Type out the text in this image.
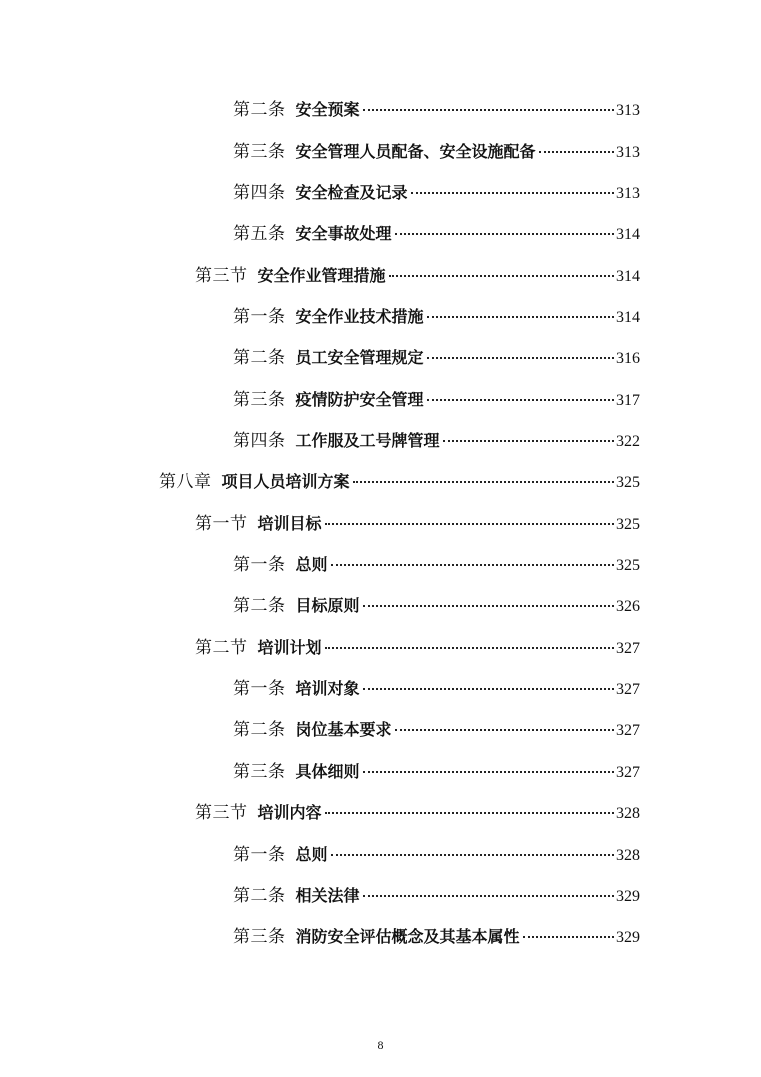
第二条 安全预案	313
第三条 安全管理人员配备、安全设施配备	313
第四条 安全检查及记录	313
第五条 安全事故处理	314
第三节 安全作业管理措施	314
第一条 安全作业技术措施	314
第二条 员工安全管理规定	316
第三条 疫情防护安全管理	317
第四条 工作服及工号牌管理	322
第八章 项目人员培训方案	325
第一节 培训目标	325
第一条 总则	325
第二条 目标原则	326
第二节 培训计划	327
第一条 培训对象	327
第二条 岗位基本要求	327
第三条 具体细则	327
第三节 培训内容	328
第一条 总则	328
第二条 相关法律	329
第三条 消防安全评估概念及其基本属性	329
8
